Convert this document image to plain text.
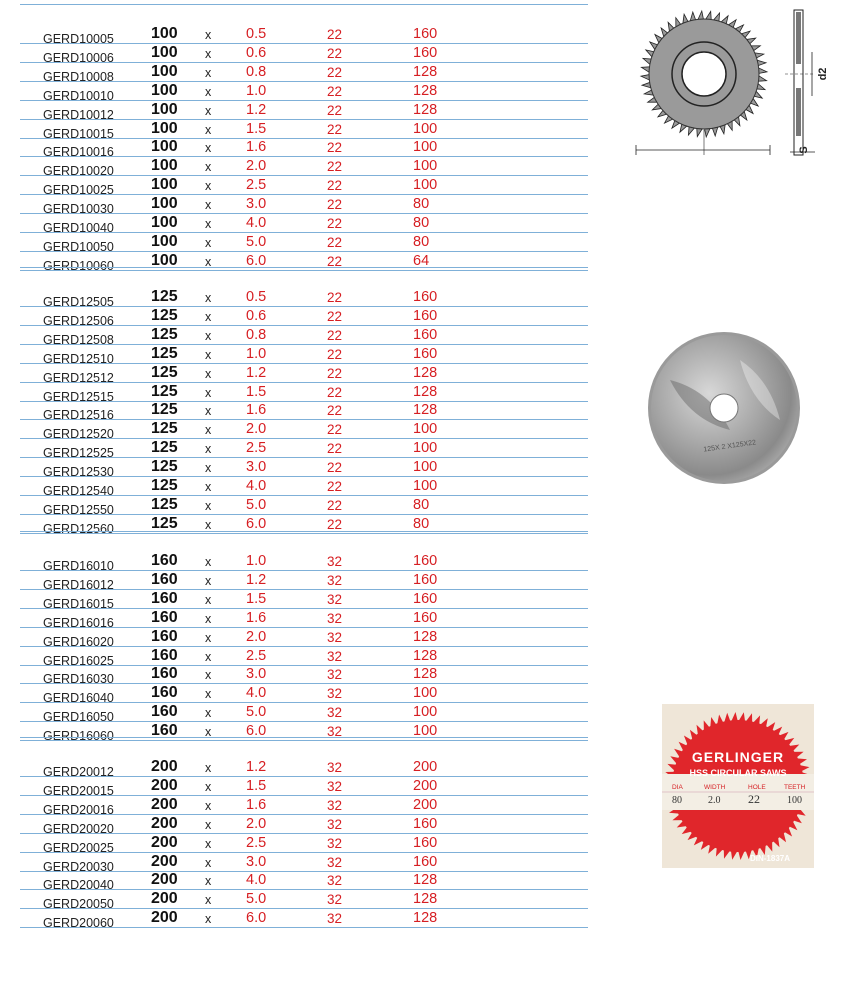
GERD10005 100 x 0.5	22	160
GERD10006 100 x 0.6	22	160
GERD10008 100 x 0.8	22	128
GERD10010 100 x 1.0	22	128
GERD10012 100 x 1.2	22	128
GERD10015 100 x 1.5	22	100
GERD10016 100 x 1.6	22	100
GERD10020 100 x 2.0	22	100
GERD10025 100 x 2.5	22	100
GERD10030 100 x 3.0	22	80
GERD10040 100 x 4.0	22	80
GERD10050 100 x 5.0	22	80
GERD10060 100 x 6.0	22	64
GERD12505 125 x 0.5	22	160
GERD12506 125 x 0.6	22	160
GERD12508 125 x 0.8	22	160
GERD12510 125 x 1.0	22	160
GERD12512 125 x 1.2	22	128
GERD12515 125 x 1.5	22	128
GERD12516 125 x 1.6	22	128
GERD12520 125 x 2.0	22	100
GERD12525 125 x 2.5	22	100
GERD12530 125 x 3.0	22	100
GERD12540 125 x 4.0	22	100
GERD12550 125 x 5.0	22	80
GERD12560 125 x 6.0	22	80
GERD16010 160 x 1.0	32	160
GERD16012 160 x 1.2	32	160
GERD16015 160 x 1.5	32	160
GERD16016 160 x 1.6	32	160
GERD16020 160 x 2.0	32	128
GERD16025 160 x 2.5	32	128
GERD16030 160 x 3.0	32	128
GERD16040 160 x 4.0	32	100
GERD16050 160 x 5.0	32	100
GERD16060 160 x 6.0	32	100
GERD20012 200 x 1.2	32	200
GERD20015 200 x 1.5	32	200
GERD20016 200 x 1.6	32	200
GERD20020 200 x 2.0	32	160
GERD20025 200 x 2.5	32	160
GERD20030 200 x 3.0	32	160
GERD20040 200 x 4.0	32	128
GERD20050 200 x 5.0	32	128
GERD20060 200 x 6.0	32	128
d2
S
125X 2 X125X22
GERLINGER
HSS CIRCULAR SAWS
DIA	WIDTH	HOLE	TEETH
80	2.0 22	100
DIN-1837A
